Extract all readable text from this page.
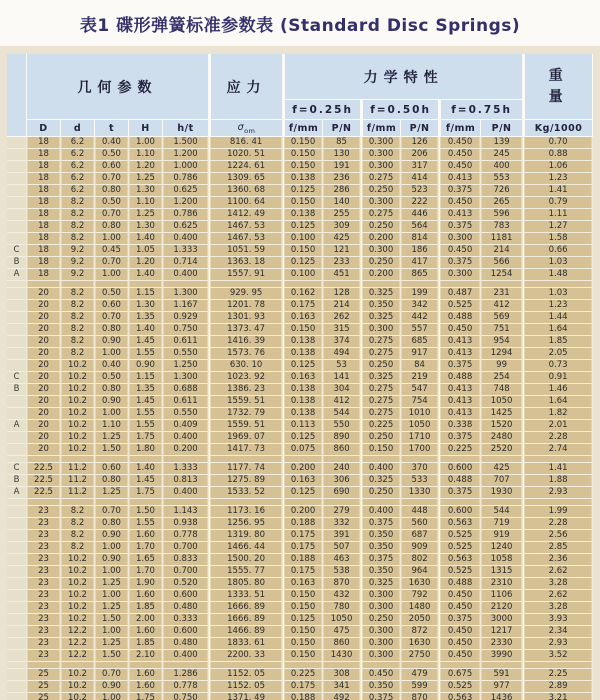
表1 碟形弹簧标准参数表 (Standard Disc Springs)
	几何参数					应力	力学特性						重
量
							f=0.25h		f=0.50h		f=0.75h		
	D	d	t	H	h/t	$\sigma_{om}$	f/mm	P/N	f/mm	P/N	f/mm	P/N	Kg/1000
	18	6.2	0.40	1.00	1.500	816. 41	0.150	85	0.300	126	0.450	139	0.70
	18	6.2	0.50	1.10	1.200	1020. 51	0.150	130	0.300	206	0.450	245	0.88
	18	6.2	0.60	1.20	1.000	1224. 61	0.150	191	0.300	317	0.450	400	1.06
	18	6.2	0.70	1.25	0.786	1309. 65	0.138	236	0.275	414	0.413	553	1.23
	18	6.2	0.80	1.30	0.625	1360. 68	0.125	286	0.250	523	0.375	726	1.41
	18	8.2	0.50	1.10	1.200	1100. 64	0.150	140	0.300	222	0.450	265	0.79
	18	8.2	0.70	1.25	0.786	1412. 49	0.138	255	0.275	446	0.413	596	1.11
	18	8.2	0.80	1.30	0.625	1467. 53	0.125	309	0.250	564	0.375	783	1.27
	18	8.2	1.00	1.40	0.400	1467. 53	0.100	425	0.200	814	0.300	1181	1.58
C	18	9.2	0.45	1.05	1.333	1051. 59	0.150	121	0.300	186	0.450	214	0.66
B	18	9.2	0.70	1.20	0.714	1363. 18	0.125	233	0.250	417	0.375	566	1.03
A	18	9.2	1.00	1.40	0.400	1557. 91	0.100	451	0.200	865	0.300	1254	1.48

	20	8.2	0.50	1.15	1.300	929. 95	0.162	128	0.325	199	0.487	231	1.03
	20	8.2	0.60	1.30	1.167	1201. 78	0.175	214	0.350	342	0.525	412	1.23
	20	8.2	0.70	1.35	0.929	1301. 93	0.163	262	0.325	442	0.488	569	1.44
	20	8.2	0.80	1.40	0.750	1373. 47	0.150	315	0.300	557	0.450	751	1.64
	20	8.2	0.90	1.45	0.611	1416. 39	0.138	374	0.275	685	0.413	954	1.85
	20	8.2	1.00	1.55	0.550	1573. 76	0.138	494	0.275	917	0.413	1294	2.05
	20	10.2	0.40	0.90	1.250	630. 10	0.125	53	0.250	84	0.375	99	0.73
C	20	10.2	0.50	1.15	1.300	1023. 92	0.163	141	0.325	219	0.488	254	0.91
B	20	10.2	0.80	1.35	0.688	1386. 23	0.138	304	0.275	547	0.413	748	1.46
	20	10.2	0.90	1.45	0.611	1559. 51	0.138	412	0.275	754	0.413	1050	1.64
	20	10.2	1.00	1.55	0.550	1732. 79	0.138	544	0.275	1010	0.413	1425	1.82
A	20	10.2	1.10	1.55	0.409	1559. 51	0.113	550	0.225	1050	0.338	1520	2.01
	20	10.2	1.25	1.75	0.400	1969. 07	0.125	890	0.250	1710	0.375	2480	2.28
	20	10.2	1.50	1.80	0.200	1417. 73	0.075	860	0.150	1700	0.225	2520	2.74

C	22.5	11.2	0.60	1.40	1.333	1177. 74	0.200	240	0.400	370	0.600	425	1.41
B	22.5	11.2	0.80	1.45	0.813	1275. 89	0.163	306	0.325	533	0.488	707	1.88
A	22.5	11.2	1.25	1.75	0.400	1533. 52	0.125	690	0.250	1330	0.375	1930	2.93

	23	8.2	0.70	1.50	1.143	1173. 16	0.200	279	0.400	448	0.600	544	1.99
	23	8.2	0.80	1.55	0.938	1256. 95	0.188	332	0.375	560	0.563	719	2.28
	23	8.2	0.90	1.60	0.778	1319. 80	0.175	391	0.350	687	0.525	919	2.56
	23	8.2	1.00	1.70	0.700	1466. 44	0.175	507	0.350	909	0.525	1240	2.85
	23	10.2	0.90	1.65	0.833	1500. 20	0.188	463	0.375	802	0.563	1058	2.36
	23	10.2	1.00	1.70	0.700	1555. 77	0.175	538	0.350	964	0.525	1315	2.62
	23	10.2	1.25	1.90	0.520	1805. 80	0.163	870	0.325	1630	0.488	2310	3.28
	23	10.2	1.00	1.60	0.600	1333. 51	0.150	432	0.300	792	0.450	1106	2.62
	23	10.2	1.25	1.85	0.480	1666. 89	0.150	780	0.300	1480	0.450	2120	3.28
	23	10.2	1.50	2.00	0.333	1666. 89	0.125	1050	0.250	2050	0.375	3000	3.93
	23	12.2	1.00	1.60	0.600	1466. 89	0.150	475	0.300	872	0.450	1217	2.34
	23	12.2	1.25	1.85	0.480	1833. 61	0.150	860	0.300	1630	0.450	2330	2.93
	23	12.2	1.50	2.10	0.400	2200. 33	0.150	1430	0.300	2750	0.450	3990	3.52

	25	10.2	0.70	1.60	1.286	1152. 05	0.225	308	0.450	479	0.675	591	2.25
	25	10.2	0.90	1.60	0.778	1152. 05	0.175	341	0.350	599	0.525	977	2.89
	25	10.2	1.00	1.75	0.750	1371. 49	0.188	492	0.375	870	0.563	1436	3.21
